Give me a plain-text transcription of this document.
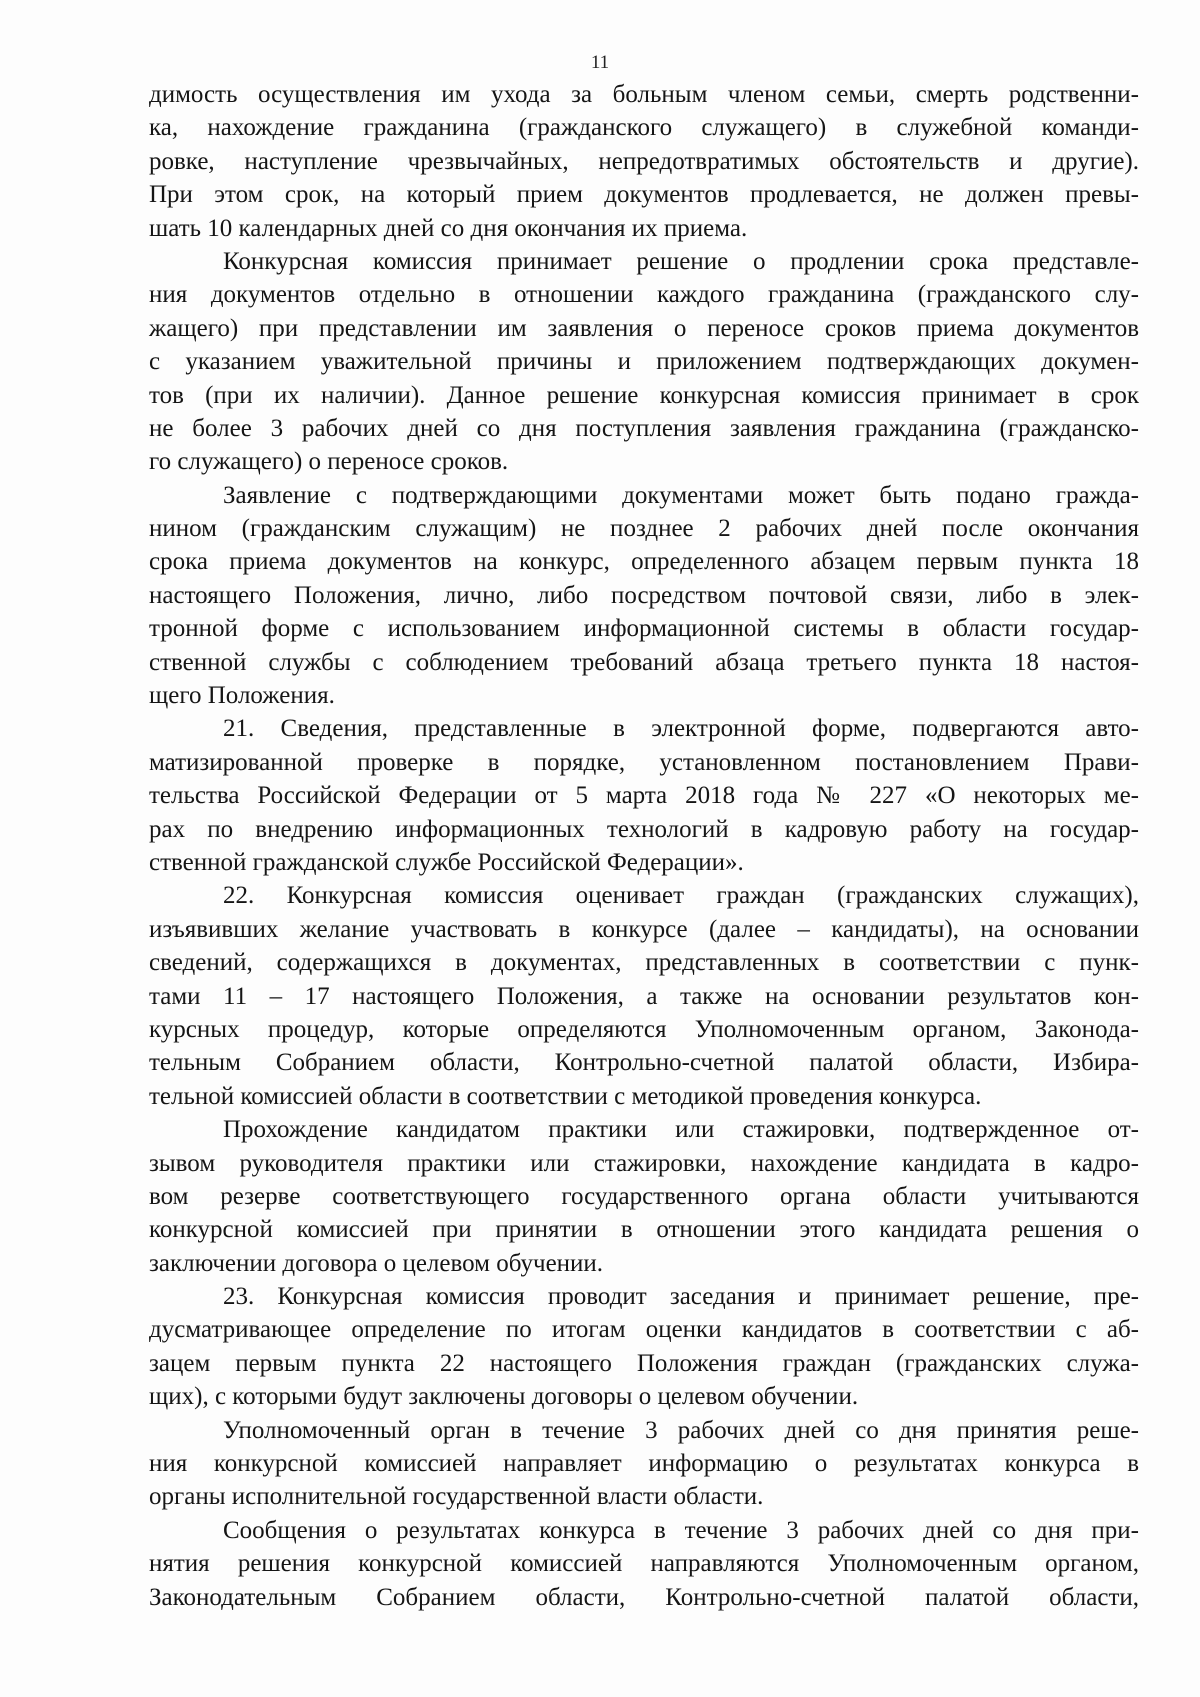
11
димость осуществления им ухода за больным членом семьи, смерть родственни-
ка, нахождение гражданина (гражданского служащего) в служебной команди-
ровке, наступление чрезвычайных, непредотвратимых обстоятельств и другие).
При этом срок, на который прием документов продлевается, не должен превы-
шать 10 календарных дней со дня окончания их приема.
Конкурсная комиссия принимает решение о продлении срока представле-
ния документов отдельно в отношении каждого гражданина (гражданского слу-
жащего) при представлении им заявления о переносе сроков приема документов
с указанием уважительной причины и приложением подтверждающих докумен-
тов (при их наличии). Данное решение конкурсная комиссия принимает в срок
не более 3 рабочих дней со дня поступления заявления гражданина (гражданско-
го служащего) о переносе сроков.
Заявление с подтверждающими документами может быть подано гражда-
нином (гражданским служащим) не позднее 2 рабочих дней после окончания
срока приема документов на конкурс, определенного абзацем первым пункта 18
настоящего Положения, лично, либо посредством почтовой связи, либо в элек-
тронной форме с использованием информационной системы в области государ-
ственной службы с соблюдением требований абзаца третьего пункта 18 настоя-
щего Положения.
21. Сведения, представленные в электронной форме, подвергаются авто-
матизированной проверке в порядке, установленном постановлением Прави-
тельства Российской Федерации от 5 марта 2018 года № 227 «О некоторых ме-
рах по внедрению информационных технологий в кадровую работу на государ-
ственной гражданской службе Российской Федерации».
22. Конкурсная комиссия оценивает граждан (гражданских служащих),
изъявивших желание участвовать в конкурсе (далее – кандидаты), на основании
сведений, содержащихся в документах, представленных в соответствии с пунк-
тами 11 – 17 настоящего Положения, а также на основании результатов кон-
курсных процедур, которые определяются Уполномоченным органом, Законода-
тельным Собранием области, Контрольно-счетной палатой области, Избира-
тельной комиссией области в соответствии с методикой проведения конкурса.
Прохождение кандидатом практики или стажировки, подтвержденное от-
зывом руководителя практики или стажировки, нахождение кандидата в кадро-
вом резерве соответствующего государственного органа области учитываются
конкурсной комиссией при принятии в отношении этого кандидата решения о
заключении договора о целевом обучении.
23. Конкурсная комиссия проводит заседания и принимает решение, пре-
дусматривающее определение по итогам оценки кандидатов в соответствии с аб-
зацем первым пункта 22 настоящего Положения граждан (гражданских служа-
щих), с которыми будут заключены договоры о целевом обучении.
Уполномоченный орган в течение 3 рабочих дней со дня принятия реше-
ния конкурсной комиссией направляет информацию о результатах конкурса в
органы исполнительной государственной власти области.
Сообщения о результатах конкурса в течение 3 рабочих дней со дня при-
нятия решения конкурсной комиссией направляются Уполномоченным органом,
Законодательным Собранием области, Контрольно-счетной палатой области,
